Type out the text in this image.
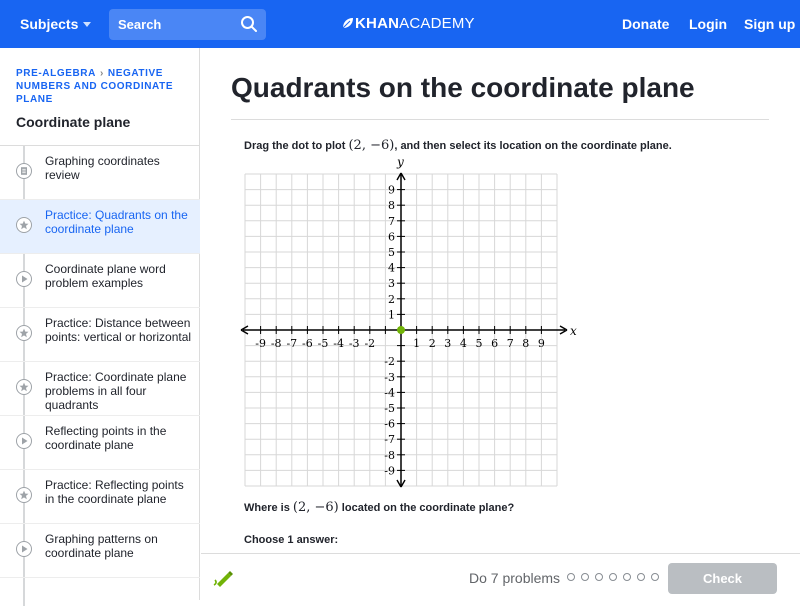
Subjects
Search	KHANACADEMY	Donate Login Sign up
PRE-ALGEBRA › NEGATIVE NUMBERS AND COORDINATE PLANE
Coordinate plane
Graphing coordinates review
Practice: Quadrants on the coordinate plane
Coordinate plane word problem examples
Practice: Distance between points: vertical or horizontal
Practice: Coordinate plane problems in all four quadrants
Reflecting points in the coordinate plane
Practice: Reflecting points in the coordinate plane
Graphing patterns on coordinate plane
Quadrants on the coordinate plane
Drag the dot to plot (2, −6), and then select its location on the coordinate plane.
-9 -8 -7 -6 -5 -4 -3 -2	1 2 3 4 5 6 7 8 9
9
8
7
6
5
4
3
2
1
-2
-3
-4
-5
-6
-7
-8
-9
x
y
Where is (2, −6) located on the coordinate plane?
Choose 1 answer:
Do 7 problems	Check
